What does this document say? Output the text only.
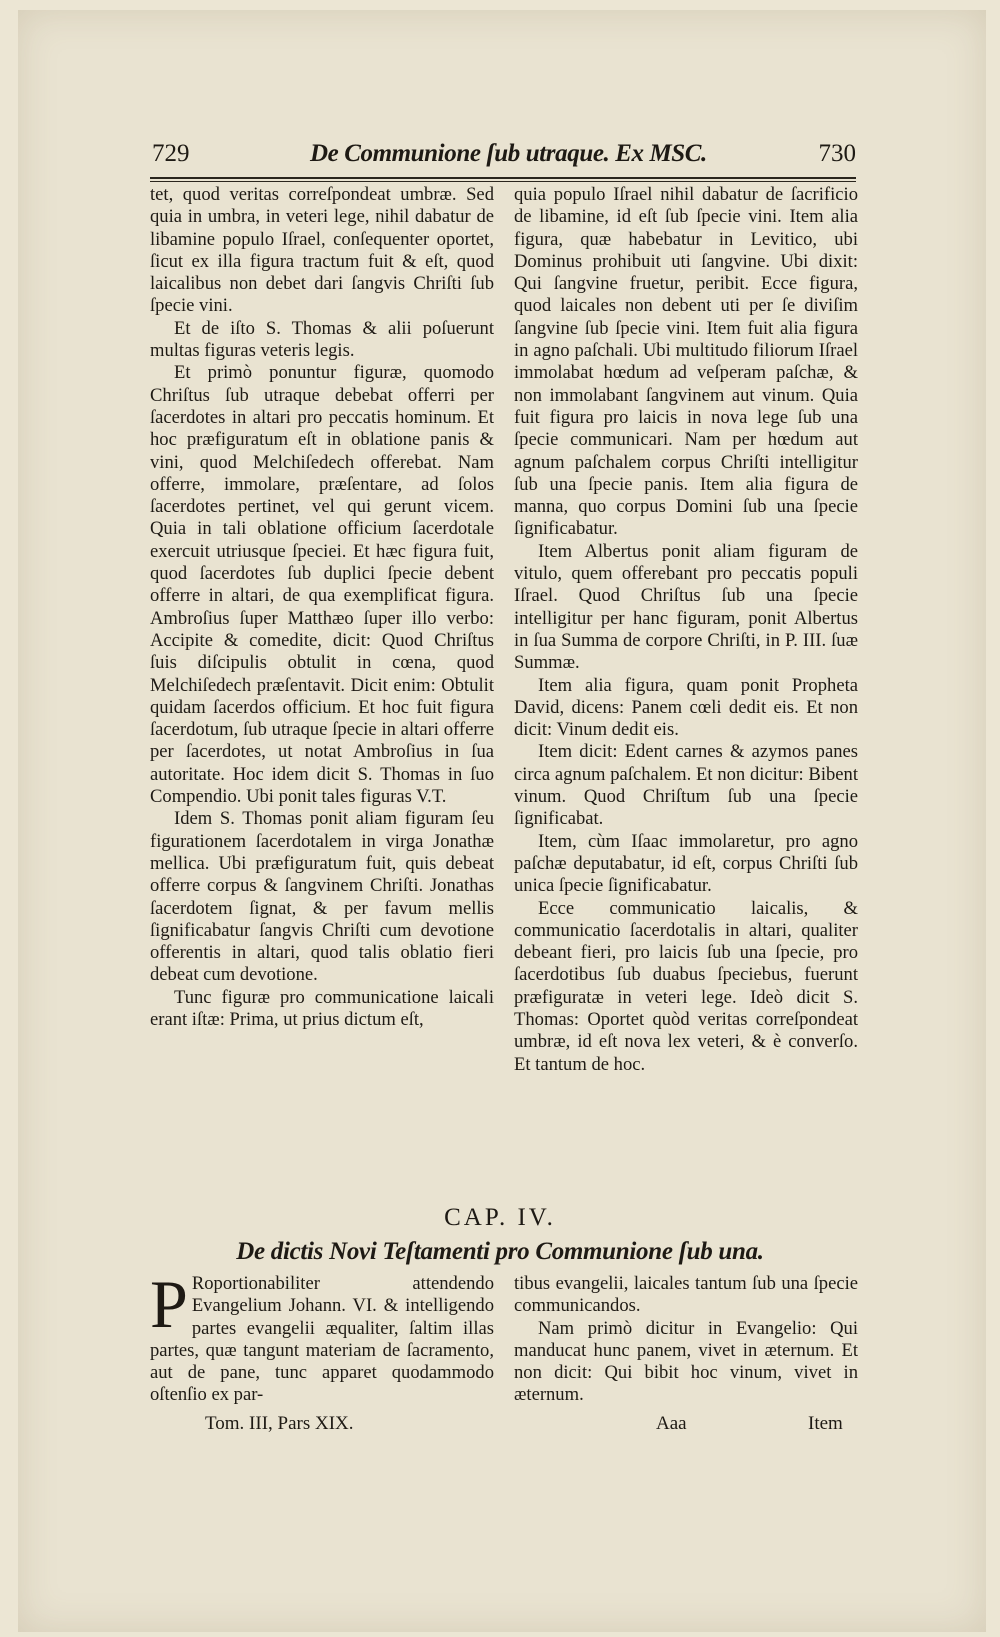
729	De Communione ſub utraque. Ex MSC.	730

tet, quod veritas correſpondeat umbræ. Sed quia in umbra, in veteri lege, nihil dabatur de libamine populo Iſrael, conſequenter oportet, ſicut ex illa figura tractum fuit & eſt, quod laicalibus non debet dari ſangvis Chriſti ſub ſpecie vini.

Et de iſto S. Thomas & alii poſuerunt multas figuras veteris legis.

Et primò ponuntur figuræ, quomodo Chriſtus ſub utraque debebat offerri per ſacerdotes in altari pro peccatis hominum. Et hoc præfiguratum eſt in oblatione panis & vini, quod Melchiſedech offerebat. Nam offerre, immolare, præſentare, ad ſolos ſacerdotes pertinet, vel qui gerunt vicem. Quia in tali oblatione officium ſacerdotale exercuit utriusque ſpeciei. Et hæc figura fuit, quod ſacerdotes ſub duplici ſpecie debent offerre in altari, de qua exemplificat figura. Ambroſius ſuper Matthæo ſuper illo verbo: Accipite & comedite, dicit: Quod Chriſtus ſuis diſcipulis obtulit in cœna, quod Melchiſedech præſentavit. Dicit enim: Obtulit quidam ſacerdos officium. Et hoc fuit figura ſacerdotum, ſub utraque ſpecie in altari offerre per ſacerdotes, ut notat Ambroſius in ſua autoritate. Hoc idem dicit S. Thomas in ſuo Compendio. Ubi ponit tales figuras V.T.

Idem S. Thomas ponit aliam figuram ſeu figurationem ſacerdotalem in virga Jonathæ mellica. Ubi præfiguratum fuit, quis debeat offerre corpus & ſangvinem Chriſti. Jonathas ſacerdotem ſignat, & per favum mellis ſignificabatur ſangvis Chriſti cum devotione offerentis in altari, quod talis oblatio fieri debeat cum devotione.

Tunc figuræ pro communicatione laicali erant iſtæ: Prima, ut prius dictum eſt,

quia populo Iſrael nihil dabatur de ſacrificio de libamine, id eſt ſub ſpecie vini. Item alia figura, quæ habebatur in Levitico, ubi Dominus prohibuit uti ſangvine. Ubi dixit: Qui ſangvine fruetur, peribit. Ecce figura, quod laicales non debent uti per ſe diviſim ſangvine ſub ſpecie vini. Item fuit alia figura in agno paſchali. Ubi multitudo filiorum Iſrael immolabat hœdum ad veſperam paſchæ, & non immolabant ſangvinem aut vinum. Quia fuit figura pro laicis in nova lege ſub una ſpecie communicari. Nam per hœdum aut agnum paſchalem corpus Chriſti intelligitur ſub una ſpecie panis. Item alia figura de manna, quo corpus Domini ſub una ſpecie ſignificabatur.

Item Albertus ponit aliam figuram de vitulo, quem offerebant pro peccatis populi Iſrael. Quod Chriſtus ſub una ſpecie intelligitur per hanc figuram, ponit Albertus in ſua Summa de corpore Chriſti, in P. III. ſuæ Summæ.

Item alia figura, quam ponit Propheta David, dicens: Panem cœli dedit eis. Et non dicit: Vinum dedit eis.

Item dicit: Edent carnes & azymos panes circa agnum paſchalem. Et non dicitur: Bibent vinum. Quod Chriſtum ſub una ſpecie ſignificabat.

Item, cùm Iſaac immolaretur, pro agno paſchæ deputabatur, id eſt, corpus Chriſti ſub unica ſpecie ſignificabatur.

Ecce communicatio laicalis, & communicatio ſacerdotalis in altari, qualiter debeant fieri, pro laicis ſub una ſpecie, pro ſacerdotibus ſub duabus ſpeciebus, fuerunt præfiguratæ in veteri lege. Ideò dicit S. Thomas: Oportet quòd veritas correſpondeat umbræ, id eſt nova lex veteri, & è converſo. Et tantum de hoc.

CAP. IV.
De dictis Novi Teſtamenti pro Communione ſub una.

P Roportionabiliter attendendo Evangelium Johann. VI. & intelligendo partes evangelii æqualiter, ſaltim illas partes, quæ tangunt materiam de ſacramento, aut de pane, tunc apparet quodammodo oſtenſio ex par-

tibus evangelii, laicales tantum ſub una ſpecie communicandos.

Nam primò dicitur in Evangelio: Qui manducat hunc panem, vivet in æternum. Et non dicit: Qui bibit hoc vinum, vivet in æternum.

Tom. III, Pars XIX.	Aaa	Item
